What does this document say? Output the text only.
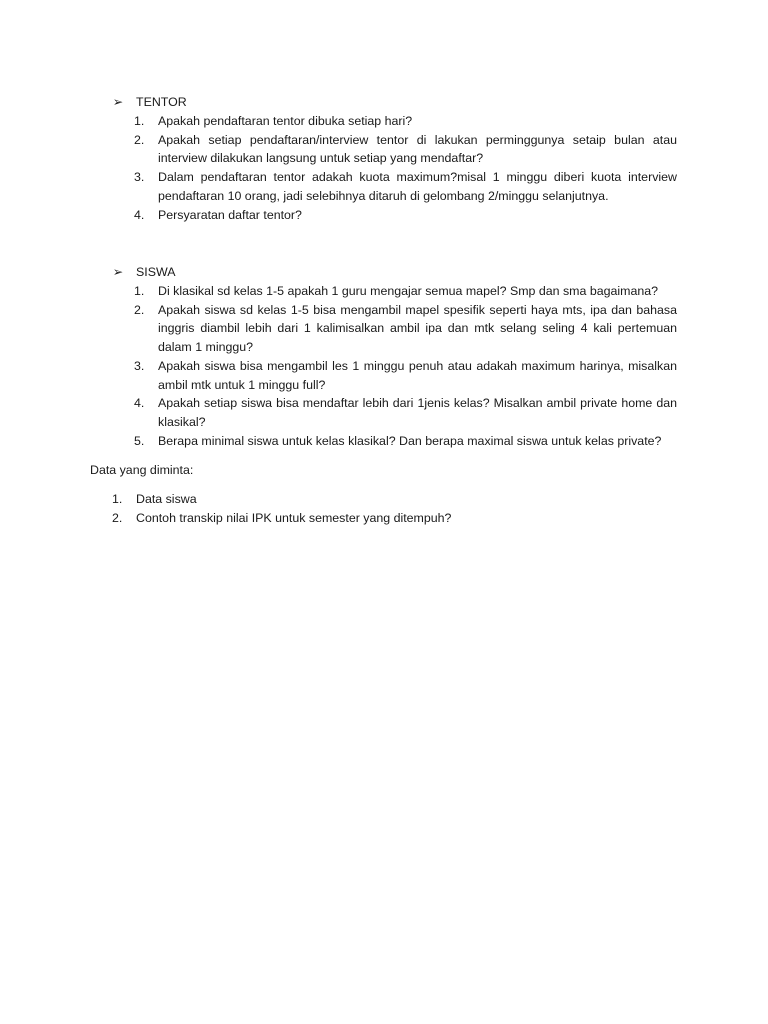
➢ TENTOR
1. Apakah pendaftaran tentor dibuka setiap hari?
2. Apakah setiap pendaftaran/interview tentor di lakukan perminggunya setaip bulan atau interview dilakukan langsung untuk setiap yang mendaftar?
3. Dalam pendaftaran tentor adakah kuota maximum?misal 1 minggu diberi kuota interview pendaftaran 10 orang, jadi selebihnya ditaruh di gelombang 2/minggu selanjutnya.
4. Persyaratan daftar tentor?
➢ SISWA
1. Di klasikal sd kelas 1-5 apakah 1 guru mengajar semua mapel? Smp dan sma bagaimana?
2. Apakah siswa sd kelas 1-5 bisa mengambil mapel spesifik seperti haya mts, ipa dan bahasa inggris diambil lebih dari 1 kalimisalkan ambil ipa dan mtk selang seling 4 kali pertemuan dalam 1 minggu?
3. Apakah siswa bisa mengambil les 1 minggu penuh atau adakah maximum harinya, misalkan ambil mtk untuk 1 minggu full?
4. Apakah setiap siswa bisa mendaftar lebih dari 1jenis kelas? Misalkan ambil private home dan klasikal?
5. Berapa minimal siswa untuk kelas klasikal? Dan berapa maximal siswa untuk kelas private?
Data yang diminta:
1. Data siswa
2. Contoh transkip nilai IPK untuk semester yang ditempuh?
